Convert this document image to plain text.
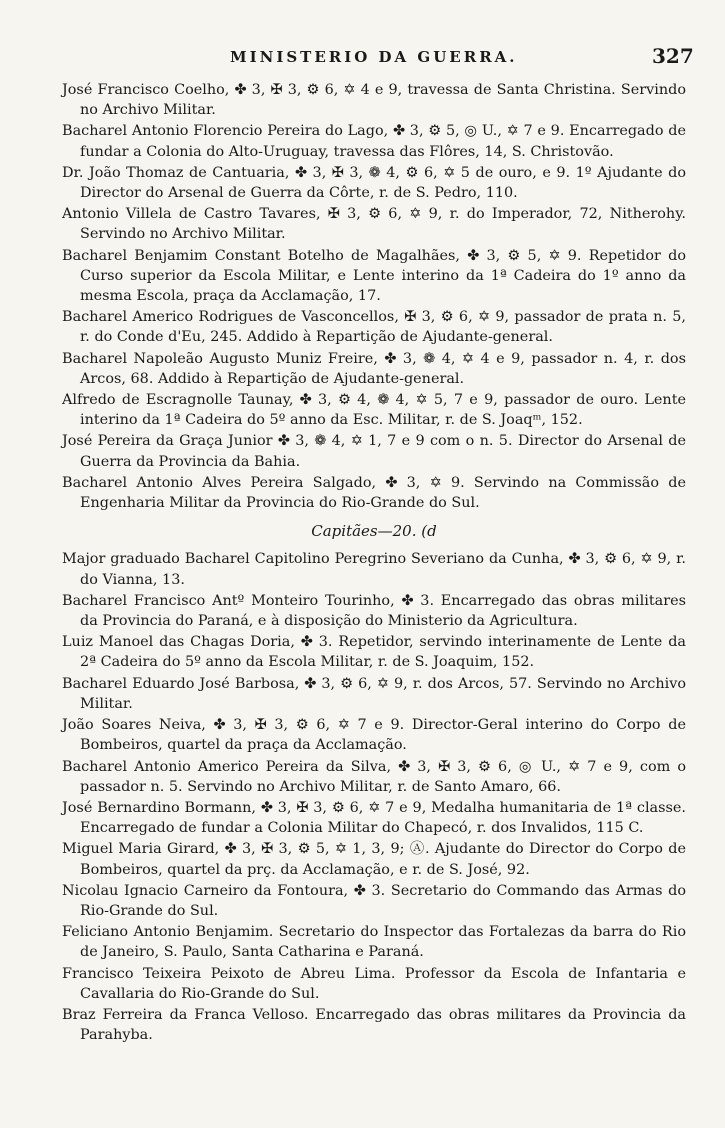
MINISTERIO DA GUERRA.	327

José Francisco Coelho, ✤ 3, ✠ 3, ⚙ 6, ✡ 4 e 9, travessa de Santa Christina. Servindo no Archivo Militar.

Bacharel Antonio Florencio Pereira do Lago, ✤ 3, ⚙ 5, ◎ U., ✡ 7 e 9. Encarregado de fundar a Colonia do Alto-Uruguay, travessa das Flôres, 14, S. Christovão.

Dr. João Thomaz de Cantuaria, ✤ 3, ✠ 3, ❁ 4, ⚙ 6, ✡ 5 de ouro, e 9. 1º Ajudante do Director do Arsenal de Guerra da Côrte, r. de S. Pedro, 110.

Antonio Villela de Castro Tavares, ✠ 3, ⚙ 6, ✡ 9, r. do Imperador, 72, Nitherohy. Servindo no Archivo Militar.

Bacharel Benjamim Constant Botelho de Magalhães, ✤ 3, ⚙ 5, ✡ 9. Repetidor do Curso superior da Escola Militar, e Lente interino da 1ª Cadeira do 1º anno da mesma Escola, praça da Acclamação, 17.

Bacharel Americo Rodrigues de Vasconcellos, ✠ 3, ⚙ 6, ✡ 9, passador de prata n. 5, r. do Conde d'Eu, 245. Addido à Repartição de Ajudante-general.

Bacharel Napoleão Augusto Muniz Freire, ✤ 3, ❁ 4, ✡ 4 e 9, passador n. 4, r. dos Arcos, 68. Addido à Repartição de Ajudante-general.

Alfredo de Escragnolle Taunay, ✤ 3, ⚙ 4, ❁ 4, ✡ 5, 7 e 9, passador de ouro. Lente interino da 1ª Cadeira do 5º anno da Esc. Militar, r. de S. Joaqᵐ, 152.

José Pereira da Graça Junior ✤ 3, ❁ 4, ✡ 1, 7 e 9 com o n. 5. Director do Arsenal de Guerra da Provincia da Bahia.

Bacharel Antonio Alves Pereira Salgado, ✤ 3, ✡ 9. Servindo na Commissão de Engenharia Militar da Provincia do Rio-Grande do Sul.

Capitães—20. (d

Major graduado Bacharel Capitolino Peregrino Severiano da Cunha, ✤ 3, ⚙ 6, ✡ 9, r. do Vianna, 13.

Bacharel Francisco Antº Monteiro Tourinho, ✤ 3. Encarregado das obras militares da Provincia do Paraná, e à disposição do Ministerio da Agricultura.

Luiz Manoel das Chagas Doria, ✤ 3. Repetidor, servindo interinamente de Lente da 2ª Cadeira do 5º anno da Escola Militar, r. de S. Joaquim, 152.

Bacharel Eduardo José Barbosa, ✤ 3, ⚙ 6, ✡ 9, r. dos Arcos, 57. Servindo no Archivo Militar.

João Soares Neiva, ✤ 3, ✠ 3, ⚙ 6, ✡ 7 e 9. Director-Geral interino do Corpo de Bombeiros, quartel da praça da Acclamação.

Bacharel Antonio Americo Pereira da Silva, ✤ 3, ✠ 3, ⚙ 6, ◎ U., ✡ 7 e 9, com o passador n. 5. Servindo no Archivo Militar, r. de Santo Amaro, 66.

José Bernardino Bormann, ✤ 3, ✠ 3, ⚙ 6, ✡ 7 e 9, Medalha humanitaria de 1ª classe. Encarregado de fundar a Colonia Militar do Chapecó, r. dos Invalidos, 115 C.

Miguel Maria Girard, ✤ 3, ✠ 3, ⚙ 5, ✡ 1, 3, 9; Ⓐ. Ajudante do Director do Corpo de Bombeiros, quartel da prç. da Acclamação, e r. de S. José, 92.

Nicolau Ignacio Carneiro da Fontoura, ✤ 3. Secretario do Commando das Armas do Rio-Grande do Sul.

Feliciano Antonio Benjamim. Secretario do Inspector das Fortalezas da barra do Rio de Janeiro, S. Paulo, Santa Catharina e Paraná.

Francisco Teixeira Peixoto de Abreu Lima. Professor da Escola de Infantaria e Cavallaria do Rio-Grande do Sul.

Braz Ferreira da Franca Velloso. Encarregado das obras militares da Provincia da Parahyba.
